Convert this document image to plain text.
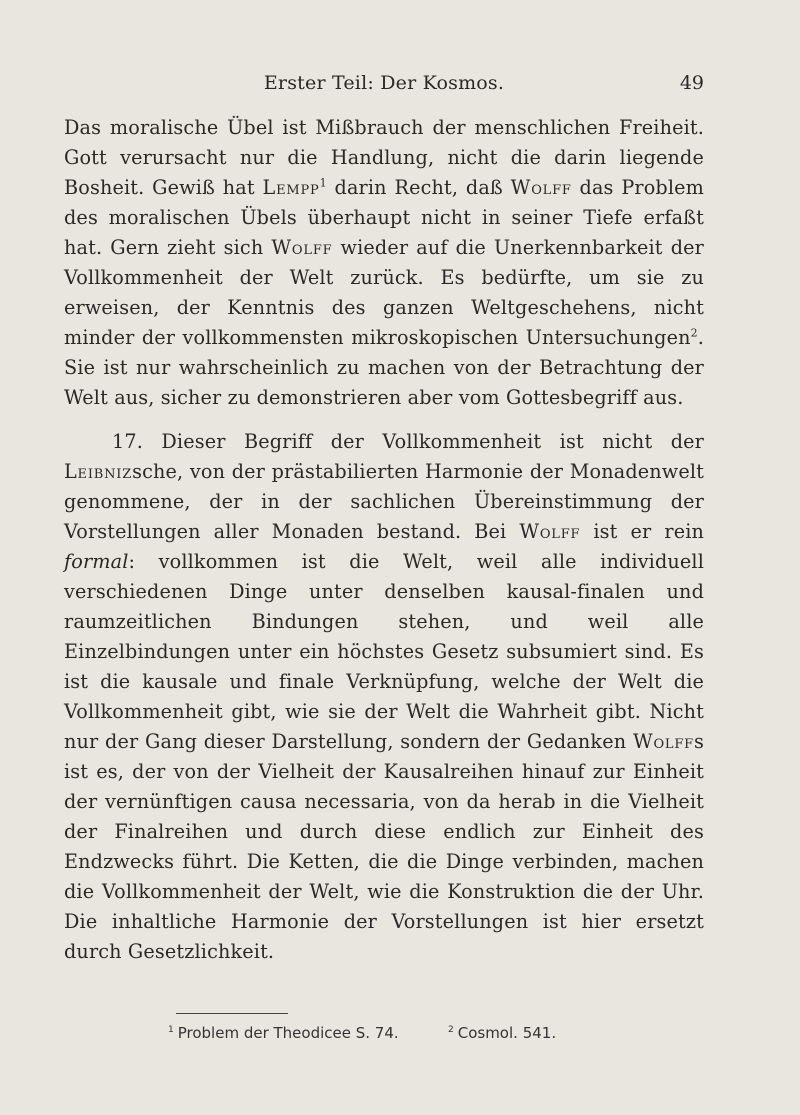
Erster Teil: Der Kosmos.	49

Das moralische Übel ist Mißbrauch der menschlichen Freiheit. Gott verursacht nur die Handlung, nicht die darin liegende Bosheit. Gewiß hat Lempp$^1$ darin Recht, daß Wolff das Problem des moralischen Übels überhaupt nicht in seiner Tiefe erfaßt hat. Gern zieht sich Wolff wieder auf die Unerkennbarkeit der Vollkommenheit der Welt zurück. Es bedürfte, um sie zu erweisen, der Kenntnis des ganzen Weltgeschehens, nicht minder der vollkommensten mikroskopischen Untersuchungen$^2$. Sie ist nur wahrscheinlich zu machen von der Betrachtung der Welt aus, sicher zu demonstrieren aber vom Gottesbegriff aus.

17. Dieser Begriff der Vollkommenheit ist nicht der Leibnizsche, von der prästabilierten Harmonie der Monadenwelt genommene, der in der sachlichen Übereinstimmung der Vorstellungen aller Monaden bestand. Bei Wolff ist er rein formal: vollkommen ist die Welt, weil alle individuell verschiedenen Dinge unter denselben kausal-finalen und raumzeitlichen Bindungen stehen, und weil alle Einzelbindungen unter ein höchstes Gesetz subsumiert sind. Es ist die kausale und finale Verknüpfung, welche der Welt die Vollkommenheit gibt, wie sie der Welt die Wahrheit gibt. Nicht nur der Gang dieser Darstellung, sondern der Gedanken Wolffs ist es, der von der Vielheit der Kausalreihen hinauf zur Einheit der vernünftigen causa necessaria, von da herab in die Vielheit der Finalreihen und durch diese endlich zur Einheit des Endzwecks führt. Die Ketten, die die Dinge verbinden, machen die Vollkommenheit der Welt, wie die Konstruktion die der Uhr. Die inhaltliche Harmonie der Vorstellungen ist hier ersetzt durch Gesetzlichkeit.

$^1$ Problem der Theodicee S. 74.	$^2$ Cosmol. 541.
